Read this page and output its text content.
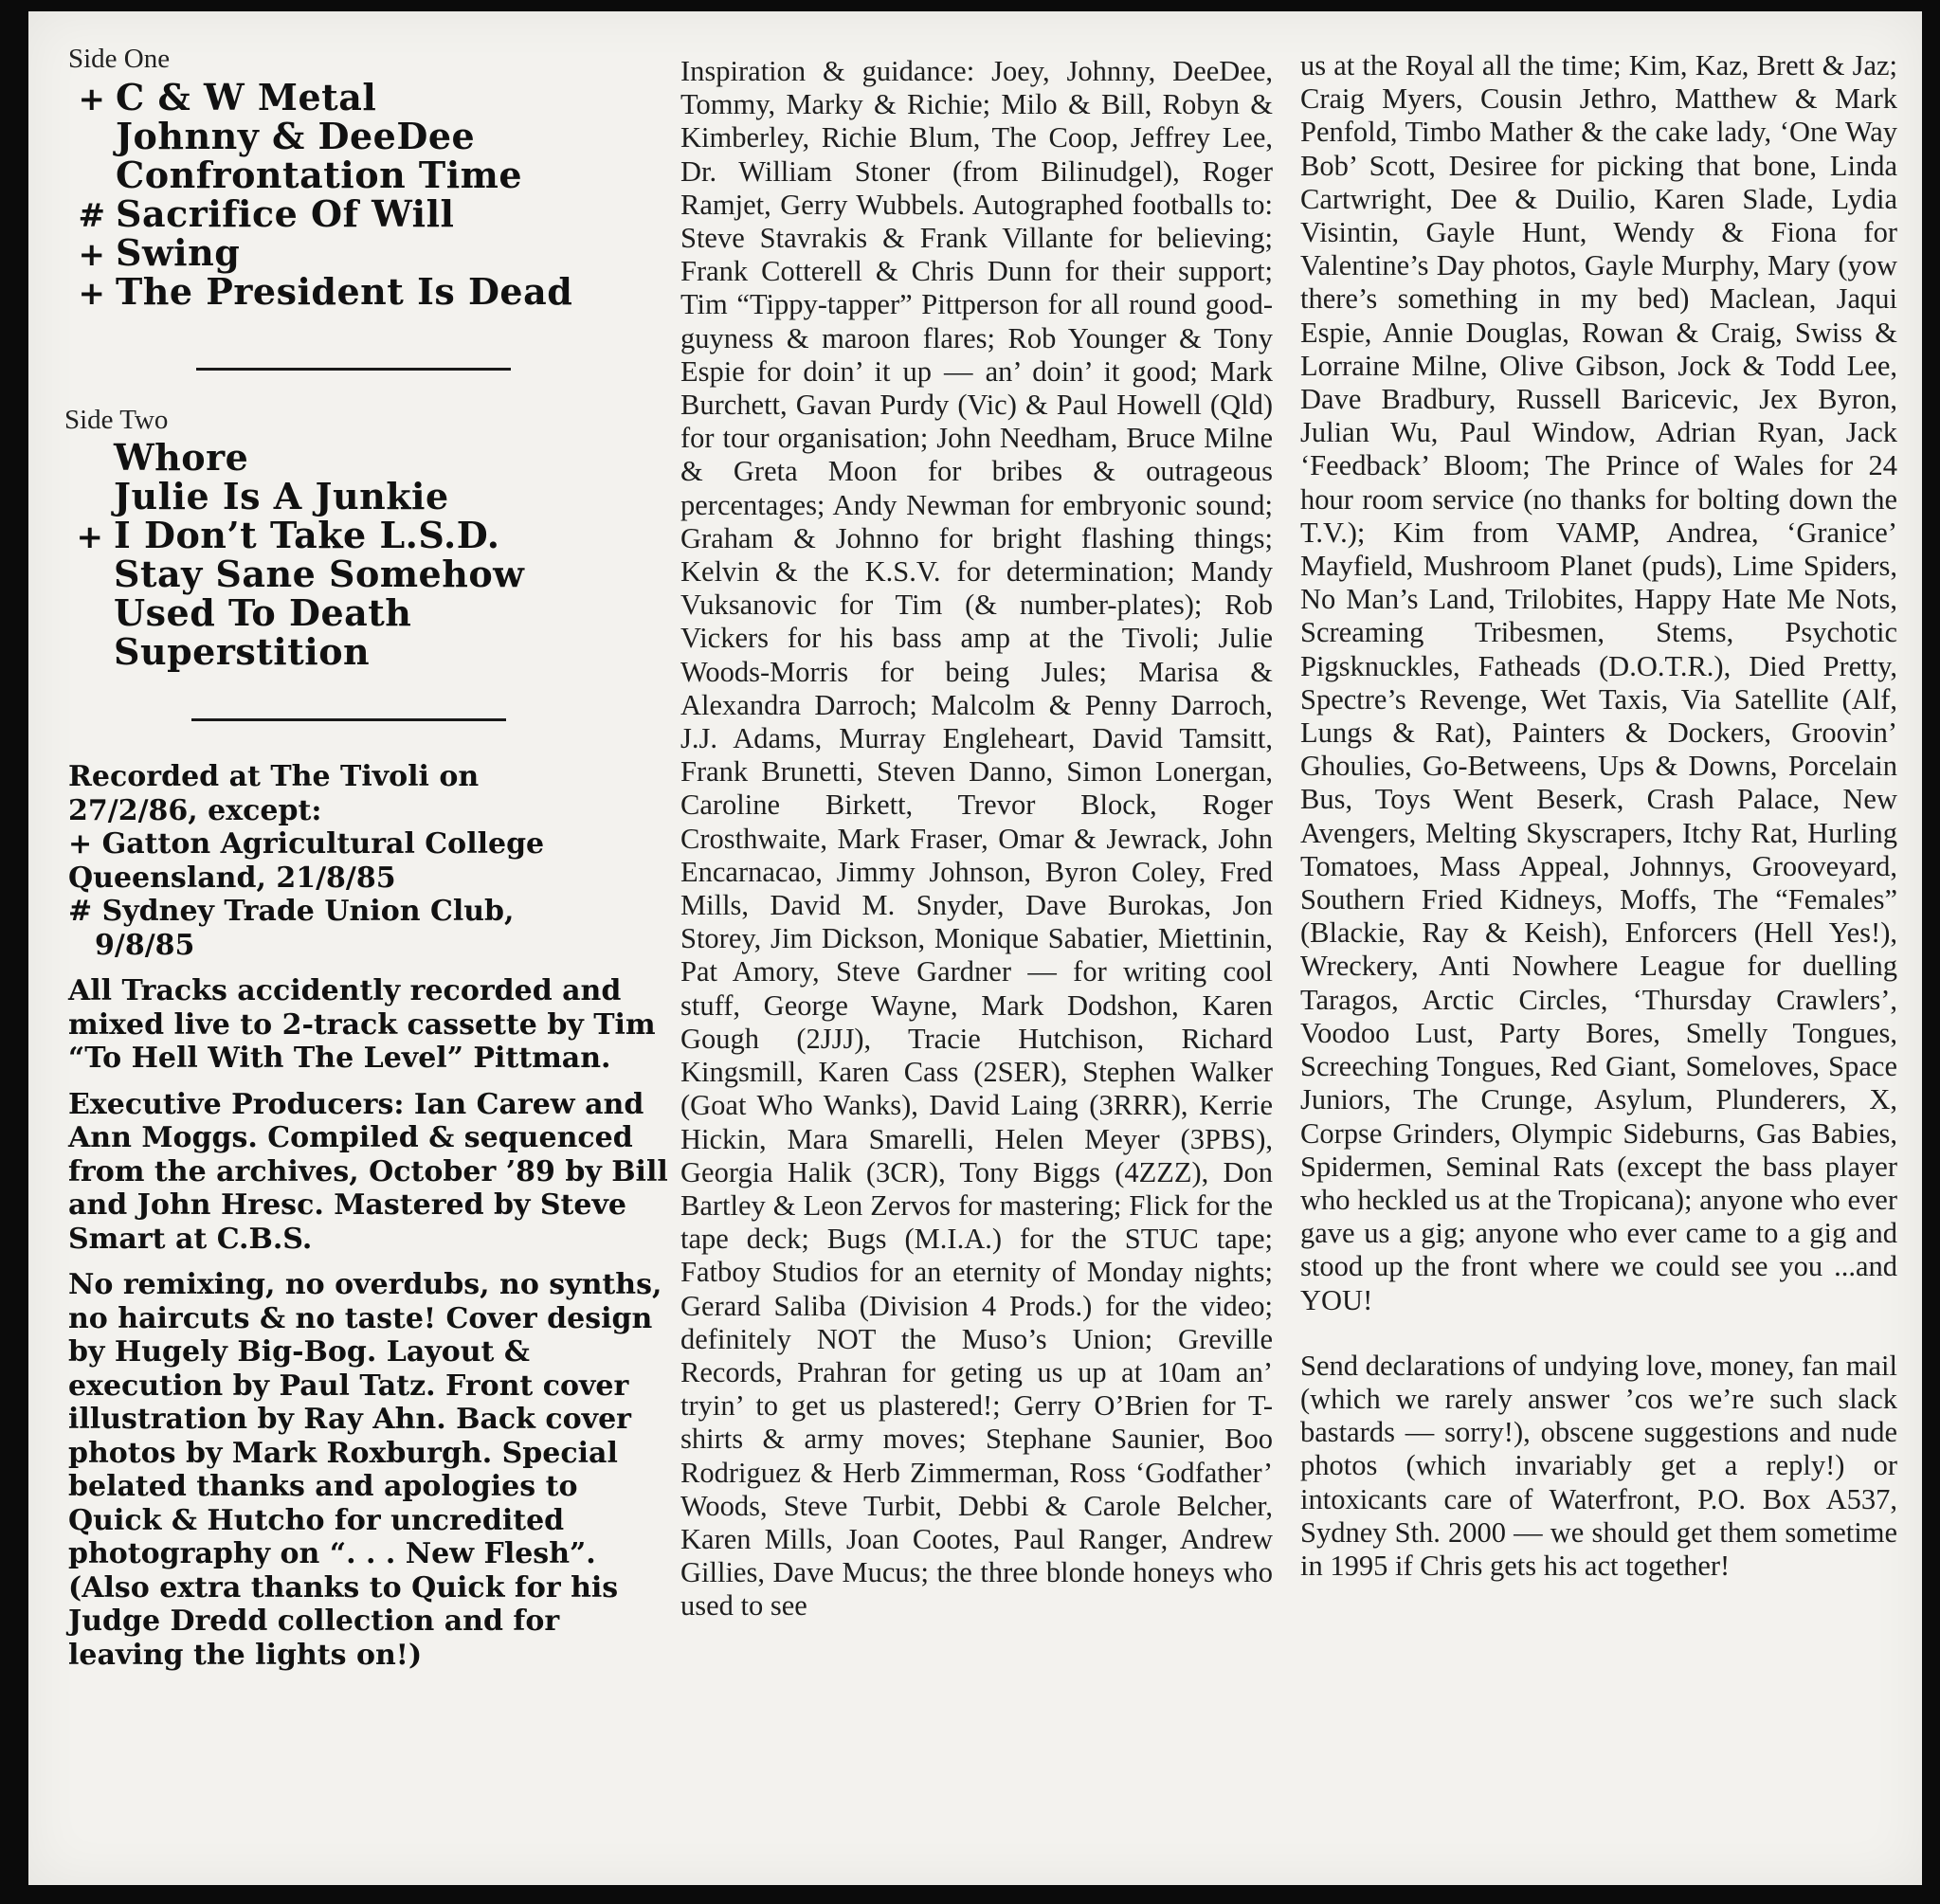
Side One
+ C & W Metal
Johnny & DeeDee
Confrontation Time
# Sacrifice Of Will
+ Swing
+ The President Is Dead
Side Two
Whore
Julie Is A Junkie
+ I Don’t Take L.S.D.
Stay Sane Somehow
Used To Death
Superstition

Recorded at The Tivoli on
27/2/86, except:
+ Gatton Agricultural College
Queensland, 21/8/85
# Sydney Trade Union Club,
9/8/85

All Tracks accidently recorded and mixed live to 2-track cassette by Tim “To Hell With The Level” Pittman.

Executive Producers: Ian Carew and Ann Moggs. Compiled & sequenced from the archives, October ’89 by Bill and John Hresc. Mastered by Steve Smart at C.B.S.

No remixing, no overdubs, no synths, no haircuts & no taste! Cover design by Hugely Big-Bog. Layout & execution by Paul Tatz. Front cover illustration by Ray Ahn. Back cover photos by Mark Roxburgh. Special belated thanks and apologies to Quick & Hutcho for uncredited photography on “. . . New Flesh”. (Also extra thanks to Quick for his Judge Dredd collection and for leaving the lights on!)

Inspiration & guidance: Joey, Johnny, DeeDee, Tommy, Marky & Richie; Milo & Bill, Robyn & Kimberley, Richie Blum, The Coop, Jeffrey Lee, Dr. William Stoner (from Bilinudgel), Roger Ramjet, Gerry Wubbels. Autographed footballs to: Steve Stavrakis & Frank Villante for believing; Frank Cotterell & Chris Dunn for their support; Tim “Tippy-tapper” Pittperson for all round good-guyness & maroon flares; Rob Younger & Tony Espie for doin’ it up — an’ doin’ it good; Mark Burchett, Gavan Purdy (Vic) & Paul Howell (Qld) for tour organisation; John Needham, Bruce Milne & Greta Moon for bribes & outrageous percentages; Andy Newman for embryonic sound; Graham & Johnno for bright flashing things; Kelvin & the K.S.V. for determination; Mandy Vuksanovic for Tim (& number-plates); Rob Vickers for his bass amp at the Tivoli; Julie Woods-Morris for being Jules; Marisa & Alexandra Darroch; Malcolm & Penny Darroch, J.J. Adams, Murray Engleheart, David Tamsitt, Frank Brunetti, Steven Danno, Simon Lonergan, Caroline Birkett, Trevor Block, Roger Crosthwaite, Mark Fraser, Omar & Jewrack, John Encarnacao, Jimmy Johnson, Byron Coley, Fred Mills, David M. Snyder, Dave Burokas, Jon Storey, Jim Dickson, Monique Sabatier, Miettinin, Pat Amory, Steve Gardner — for writing cool stuff, George Wayne, Mark Dodshon, Karen Gough (2JJJ), Tracie Hutchison, Richard Kingsmill, Karen Cass (2SER), Stephen Walker (Goat Who Wanks), David Laing (3RRR), Kerrie Hickin, Mara Smarelli, Helen Meyer (3PBS), Georgia Halik (3CR), Tony Biggs (4ZZZ), Don Bartley & Leon Zervos for mastering; Flick for the tape deck; Bugs (M.I.A.) for the STUC tape; Fatboy Studios for an eternity of Monday nights; Gerard Saliba (Division 4 Prods.) for the video; definitely NOT the Muso’s Union; Greville Records, Prahran for geting us up at 10am an’ tryin’ to get us plastered!; Gerry O’Brien for T-shirts & army moves; Stephane Saunier, Boo Rodriguez & Herb Zimmerman, Ross ‘Godfather’ Woods, Steve Turbit, Debbi & Carole Belcher, Karen Mills, Joan Cootes, Paul Ranger, Andrew Gillies, Dave Mucus; the three blonde honeys who used to see

us at the Royal all the time; Kim, Kaz, Brett & Jaz; Craig Myers, Cousin Jethro, Matthew & Mark Penfold, Timbo Mather & the cake lady, ‘One Way Bob’ Scott, Desiree for picking that bone, Linda Cartwright, Dee & Duilio, Karen Slade, Lydia Visintin, Gayle Hunt, Wendy & Fiona for Valentine’s Day photos, Gayle Murphy, Mary (yow there’s something in my bed) Maclean, Jaqui Espie, Annie Douglas, Rowan & Craig, Swiss & Lorraine Milne, Olive Gibson, Jock & Todd Lee, Dave Bradbury, Russell Baricevic, Jex Byron, Julian Wu, Paul Window, Adrian Ryan, Jack ‘Feedback’ Bloom; The Prince of Wales for 24 hour room service (no thanks for bolting down the T.V.); Kim from VAMP, Andrea, ‘Granice’ Mayfield, Mushroom Planet (puds), Lime Spiders, No Man’s Land, Trilobites, Happy Hate Me Nots, Screaming Tribesmen, Stems, Psychotic Pigsknuckles, Fatheads (D.O.T.R.), Died Pretty, Spectre’s Revenge, Wet Taxis, Via Satellite (Alf, Lungs & Rat), Painters & Dockers, Groovin’ Ghoulies, Go-Betweens, Ups & Downs, Porcelain Bus, Toys Went Beserk, Crash Palace, New Avengers, Melting Skyscrapers, Itchy Rat, Hurling Tomatoes, Mass Appeal, Johnnys, Grooveyard, Southern Fried Kidneys, Moffs, The “Females” (Blackie, Ray & Keish), Enforcers (Hell Yes!), Wreckery, Anti Nowhere League for duelling Taragos, Arctic Circles, ‘Thursday Crawlers’, Voodoo Lust, Party Bores, Smelly Tongues, Screeching Tongues, Red Giant, Someloves, Space Juniors, The Crunge, Asylum, Plunderers, X, Corpse Grinders, Olympic Sideburns, Gas Babies, Spidermen, Seminal Rats (except the bass player who heckled us at the Tropicana); anyone who ever gave us a gig; anyone who ever came to a gig and stood up the front where we could see you ...and YOU!

Send declarations of undying love, money, fan mail (which we rarely answer ’cos we’re such slack bastards — sorry!), obscene suggestions and nude photos (which invariably get a reply!) or intoxicants care of Waterfront, P.O. Box A537, Sydney Sth. 2000 — we should get them sometime in 1995 if Chris gets his act together!
